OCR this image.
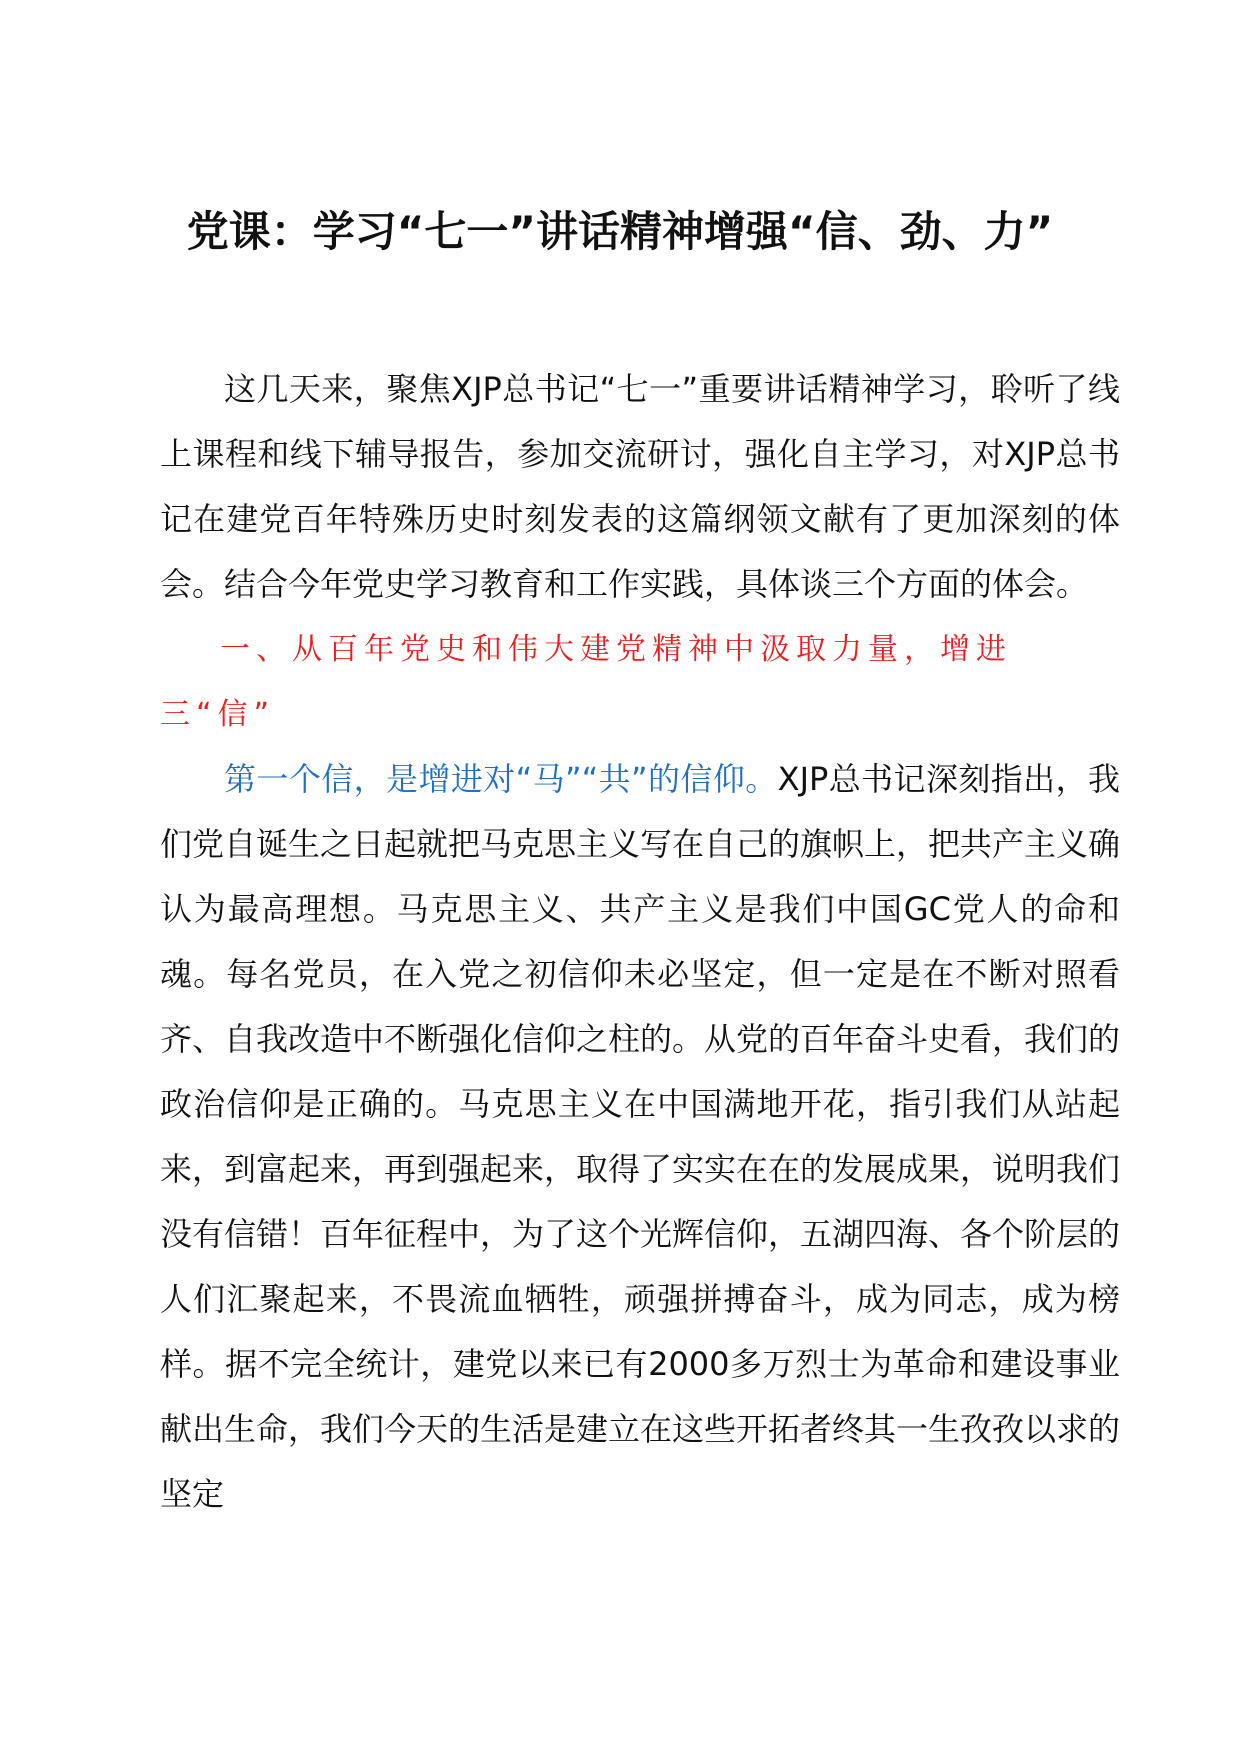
党课：学习“七一”讲话精神增强“信、劲、力”

这几天来，聚焦XJP总书记“七一”重要讲话精神学习，聆听了线上课程和线下辅导报告，参加交流研讨，强化自主学习，对XJP总书记在建党百年特殊历史时刻发表的这篇纲领文献有了更加深刻的体会。结合今年党史学习教育和工作实践，具体谈三个方面的体会。

一、从百年党史和伟大建党精神中汲取力量，增进三“信”

第一个信，是增进对“马”“共”的信仰。XJP总书记深刻指出，我们党自诞生之日起就把马克思主义写在自己的旗帜上，把共产主义确认为最高理想。马克思主义、共产主义是我们中国GC党人的命和魂。每名党员，在入党之初信仰未必坚定，但一定是在不断对照看齐、自我改造中不断强化信仰之柱的。从党的百年奋斗史看，我们的政治信仰是正确的。马克思主义在中国满地开花，指引我们从站起来，到富起来，再到强起来，取得了实实在在的发展成果，说明我们没有信错！百年征程中，为了这个光辉信仰，五湖四海、各个阶层的人们汇聚起来，不畏流血牺牲，顽强拼搏奋斗，成为同志，成为榜样。据不完全统计，建党以来已有2000多万烈士为革命和建设事业献出生命，我们今天的生活是建立在这些开拓者终其一生孜孜以求的坚定
